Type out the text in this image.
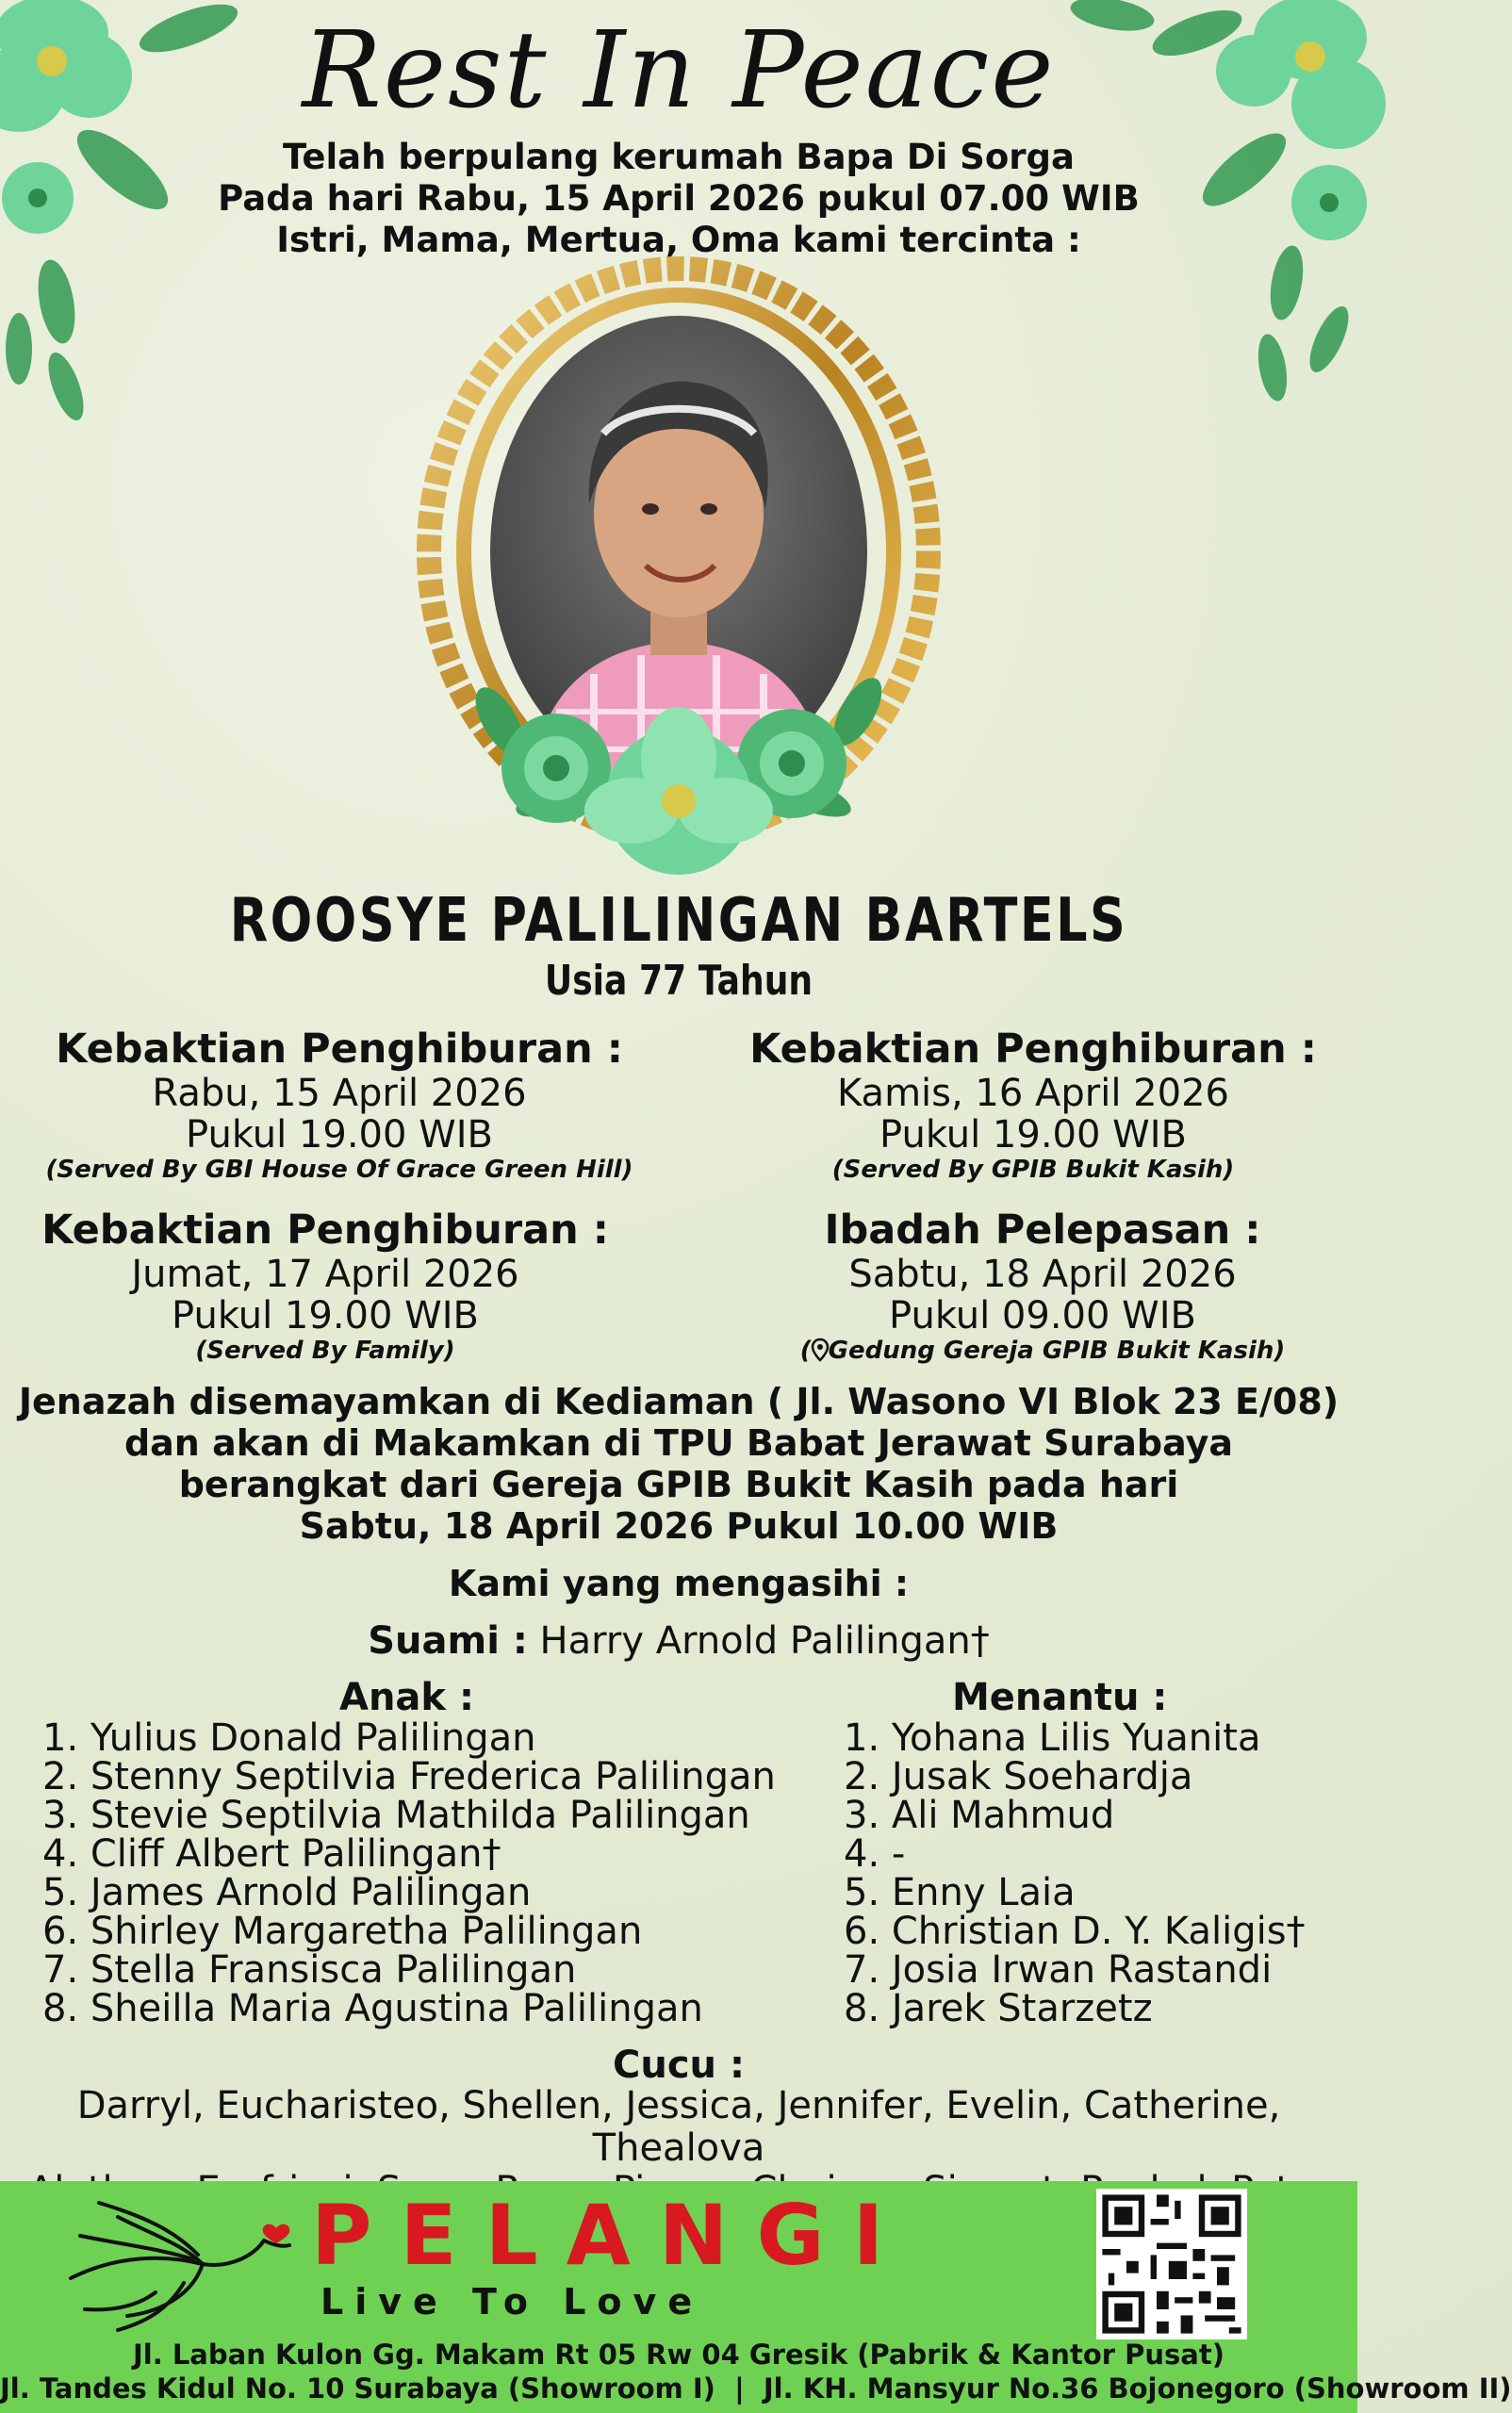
Rest In Peace
Telah berpulang kerumah Bapa Di Sorga
Pada hari Rabu, 15 April 2026 pukul 07.00 WIB
Istri, Mama, Mertua, Oma kami tercinta :
ROOSYE PALILINGAN BARTELS
Usia 77 Tahun
Kebaktian Penghiburan :
Rabu, 15 April 2026
Pukul 19.00 WIB
(Served By GBI House Of Grace Green Hill)
Kebaktian Penghiburan :
Kamis, 16 April 2026
Pukul 19.00 WIB
(Served By GPIB Bukit Kasih)
Kebaktian Penghiburan :
Jumat, 17 April 2026
Pukul 19.00 WIB
(Served By Family)
Ibadah Pelepasan :
Sabtu, 18 April 2026
Pukul 09.00 WIB
( Gedung Gereja GPIB Bukit Kasih)
Jenazah disemayamkan di Kediaman ( Jl. Wasono VI Blok 23 E/08)
dan akan di Makamkan di TPU Babat Jerawat Surabaya
berangkat dari Gereja GPIB Bukit Kasih pada hari
Sabtu, 18 April 2026 Pukul 10.00 WIB
Kami yang mengasihi :
Suami : Harry Arnold Palilingan†
Anak :
1. Yulius Donald Palilingan
2. Stenny Septilvia Frederica Palilingan
3. Stevie Septilvia Mathilda Palilingan
4. Cliff Albert Palilingan†
5. James Arnold Palilingan
6. Shirley Margaretha Palilingan
7. Stella Fransisca Palilingan
8. Sheilla Maria Agustina Palilingan
Menantu :
1. Yohana Lilis Yuanita
2. Jusak Soehardja
3. Ali Mahmud
4. -
5. Enny Laia
6. Christian D. Y. Kaligis†
7. Josia Irwan Rastandi
8. Jarek Starzetz
Cucu :
Darryl, Eucharisteo, Shellen, Jessica, Jennifer, Evelin, Catherine, Thealova
PELANGI
Live To Love
Jl. Laban Kulon Gg. Makam Rt 05 Rw 04 Gresik (Pabrik & Kantor Pusat)
Jl. Tandes Kidul No. 10 Surabaya (Showroom I)  |  Jl. KH. Mansyur No.36 Bojonegoro (Showroom II)
